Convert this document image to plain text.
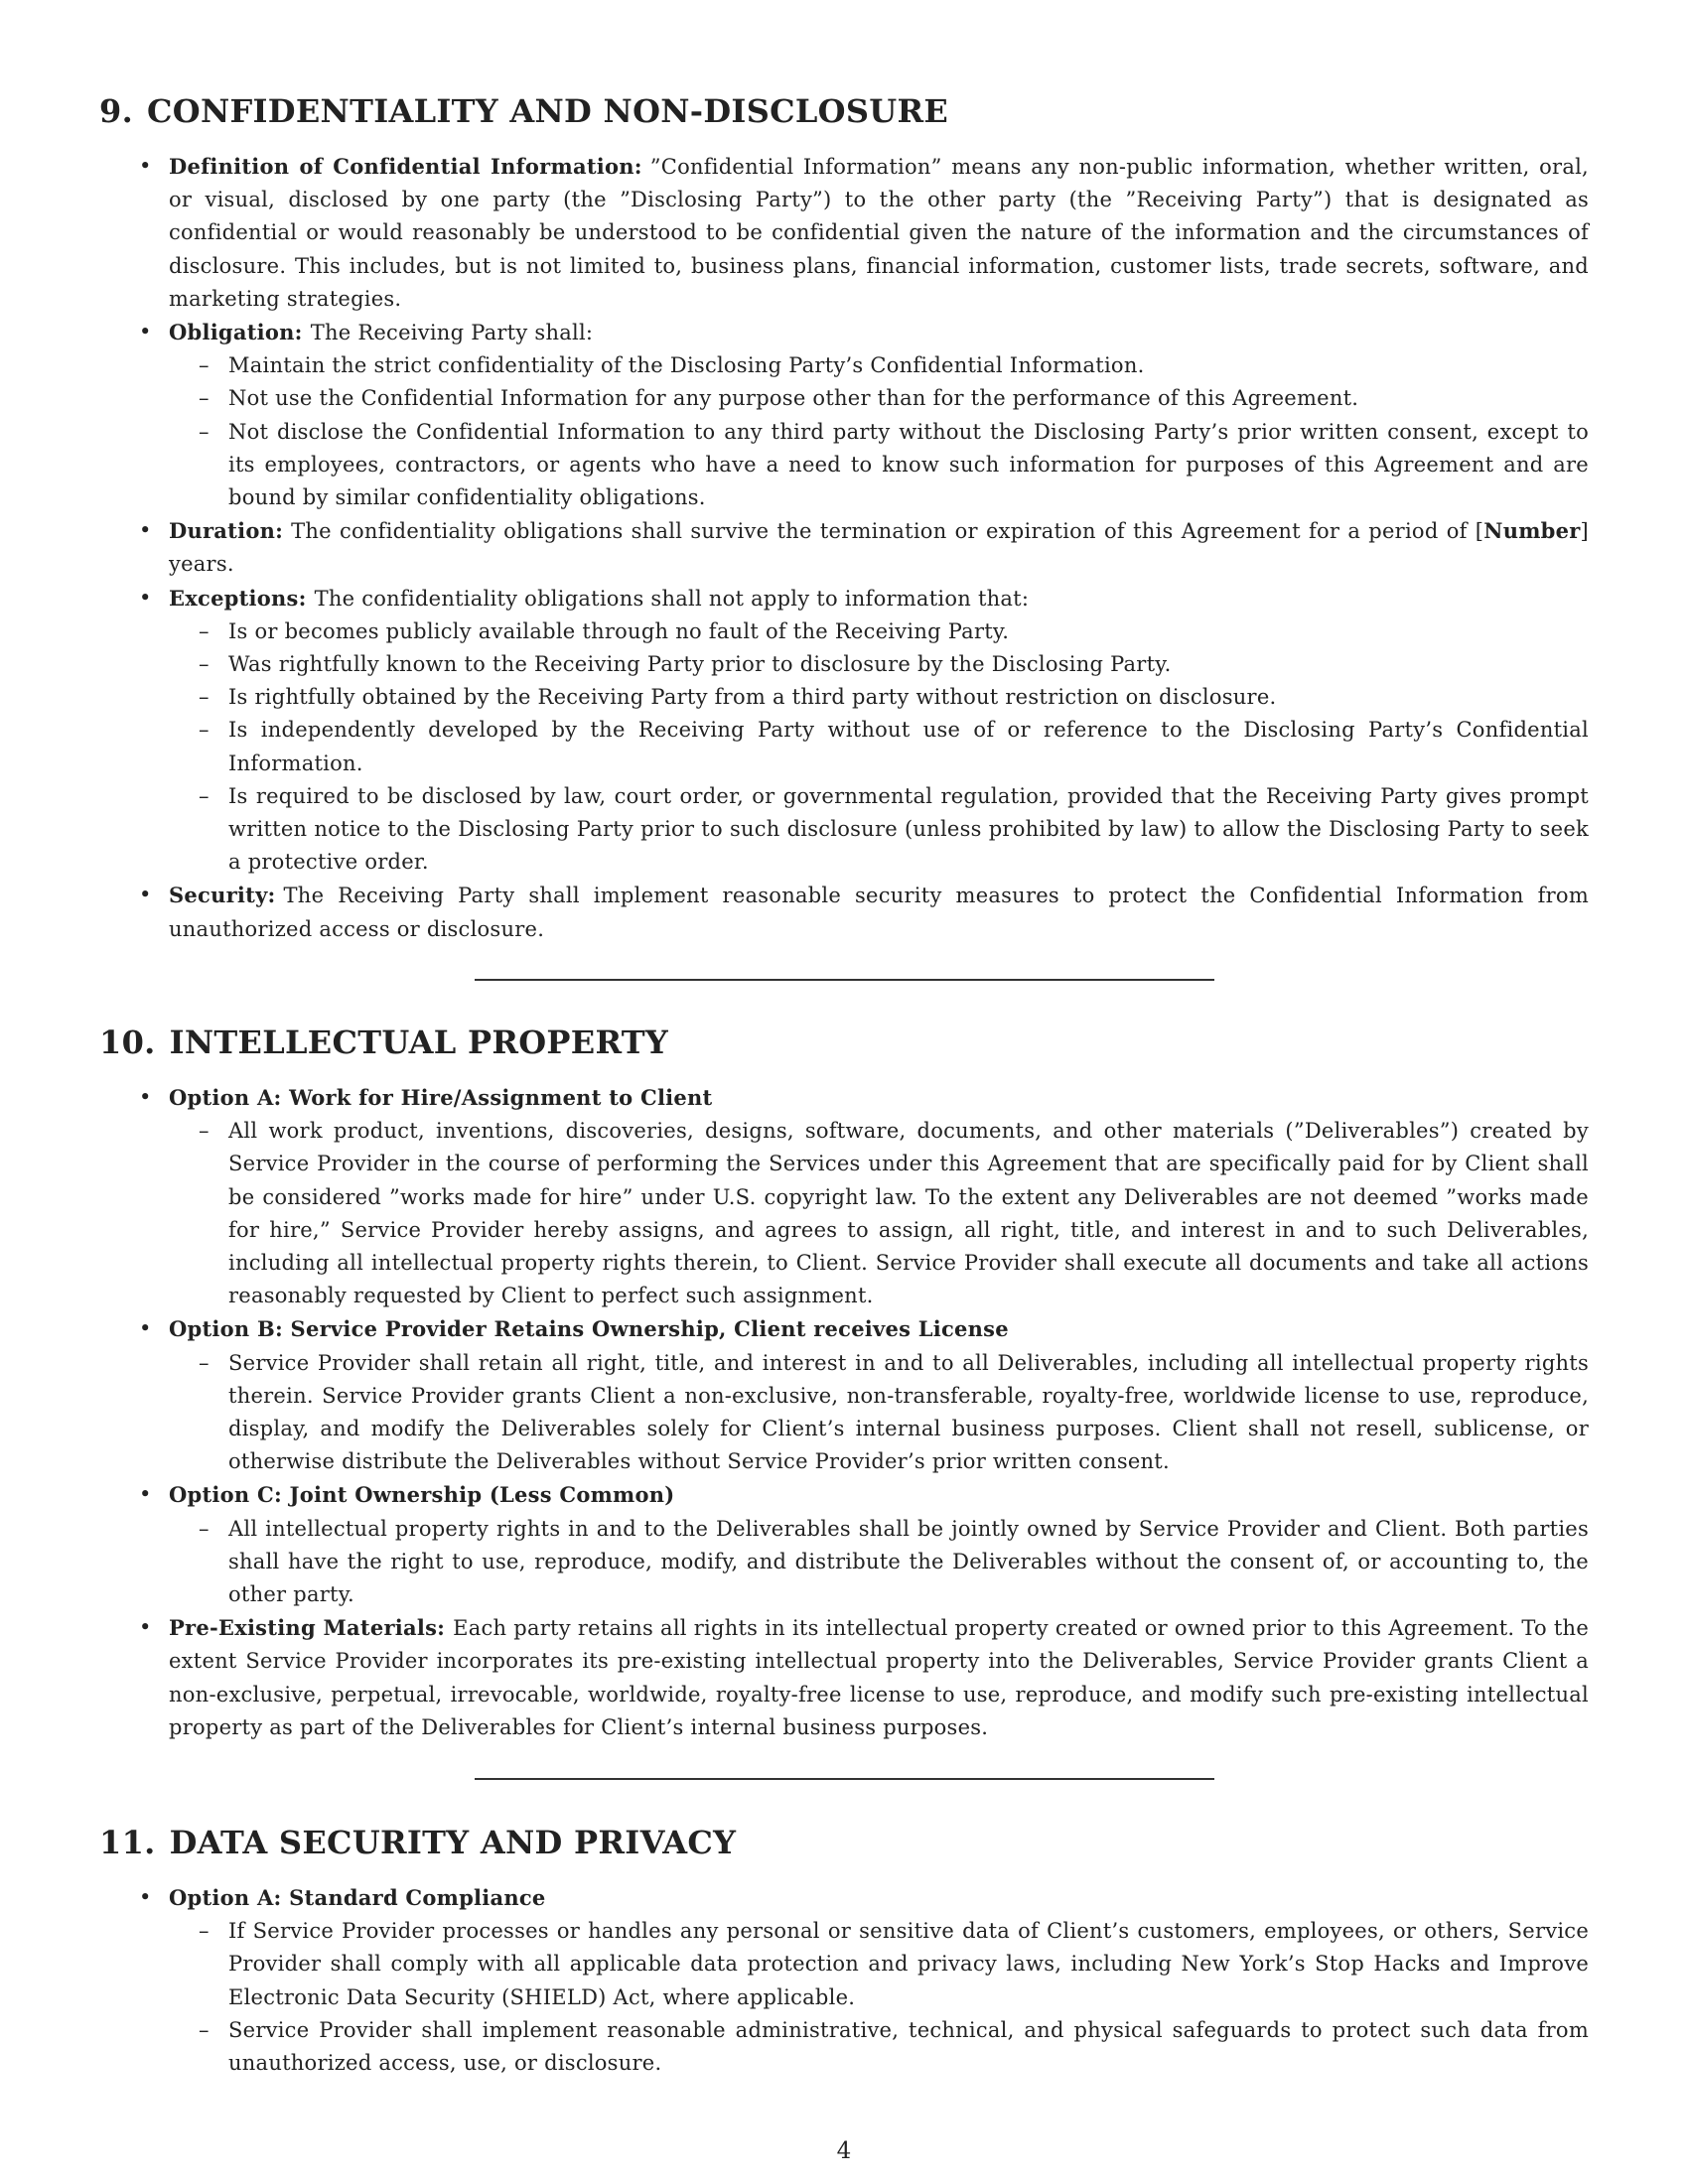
9. CONFIDENTIALITY AND NON-DISCLOSURE
• Definition of Confidential Information: ”Confidential Information” means any non-public information, whether written, oral, or visual, disclosed by one party (the ”Disclosing Party”) to the other party (the ”Receiving Party”) that is designated as confidential or would reasonably be understood to be confidential given the nature of the information and the circumstances of disclosure. This includes, but is not limited to, business plans, financial information, customer lists, trade secrets, software, and marketing strategies.
• Obligation: The Receiving Party shall:
– Maintain the strict confidentiality of the Disclosing Party’s Confidential Information.
– Not use the Confidential Information for any purpose other than for the performance of this Agreement.
– Not disclose the Confidential Information to any third party without the Disclosing Party’s prior written consent, except to its employees, contractors, or agents who have a need to know such information for purposes of this Agreement and are bound by similar confidentiality obligations.
• Duration: The confidentiality obligations shall survive the termination or expiration of this Agreement for a period of [Number] years.
• Exceptions: The confidentiality obligations shall not apply to information that:
– Is or becomes publicly available through no fault of the Receiving Party.
– Was rightfully known to the Receiving Party prior to disclosure by the Disclosing Party.
– Is rightfully obtained by the Receiving Party from a third party without restriction on disclosure.
– Is independently developed by the Receiving Party without use of or reference to the Disclosing Party’s Confidential Information.
– Is required to be disclosed by law, court order, or governmental regulation, provided that the Receiving Party gives prompt written notice to the Disclosing Party prior to such disclosure (unless prohibited by law) to allow the Disclosing Party to seek a protective order.
• Security: The Receiving Party shall implement reasonable security measures to protect the Confidential Information from unauthorized access or disclosure.
10. INTELLECTUAL PROPERTY
• Option A: Work for Hire/Assignment to Client
– All work product, inventions, discoveries, designs, software, documents, and other materials (”Deliverables”) created by Service Provider in the course of performing the Services under this Agreement that are specifically paid for by Client shall be considered ”works made for hire” under U.S. copyright law. To the extent any Deliverables are not deemed ”works made for hire,” Service Provider hereby assigns, and agrees to assign, all right, title, and interest in and to such Deliverables, including all intellectual property rights therein, to Client. Service Provider shall execute all documents and take all actions reasonably requested by Client to perfect such assignment.
• Option B: Service Provider Retains Ownership, Client receives License
– Service Provider shall retain all right, title, and interest in and to all Deliverables, including all intellectual property rights therein. Service Provider grants Client a non-exclusive, non-transferable, royalty-free, worldwide license to use, reproduce, display, and modify the Deliverables solely for Client’s internal business purposes. Client shall not resell, sublicense, or otherwise distribute the Deliverables without Service Provider’s prior written consent.
• Option C: Joint Ownership (Less Common)
– All intellectual property rights in and to the Deliverables shall be jointly owned by Service Provider and Client. Both parties shall have the right to use, reproduce, modify, and distribute the Deliverables without the consent of, or accounting to, the other party.
• Pre-Existing Materials: Each party retains all rights in its intellectual property created or owned prior to this Agreement. To the extent Service Provider incorporates its pre-existing intellectual property into the Deliverables, Service Provider grants Client a non-exclusive, perpetual, irrevocable, worldwide, royalty-free license to use, reproduce, and modify such pre-existing intellectual property as part of the Deliverables for Client’s internal business purposes.
11. DATA SECURITY AND PRIVACY
• Option A: Standard Compliance
– If Service Provider processes or handles any personal or sensitive data of Client’s customers, employees, or others, Service Provider shall comply with all applicable data protection and privacy laws, including New York’s Stop Hacks and Improve Electronic Data Security (SHIELD) Act, where applicable.
– Service Provider shall implement reasonable administrative, technical, and physical safeguards to protect such data from unauthorized access, use, or disclosure.
4
